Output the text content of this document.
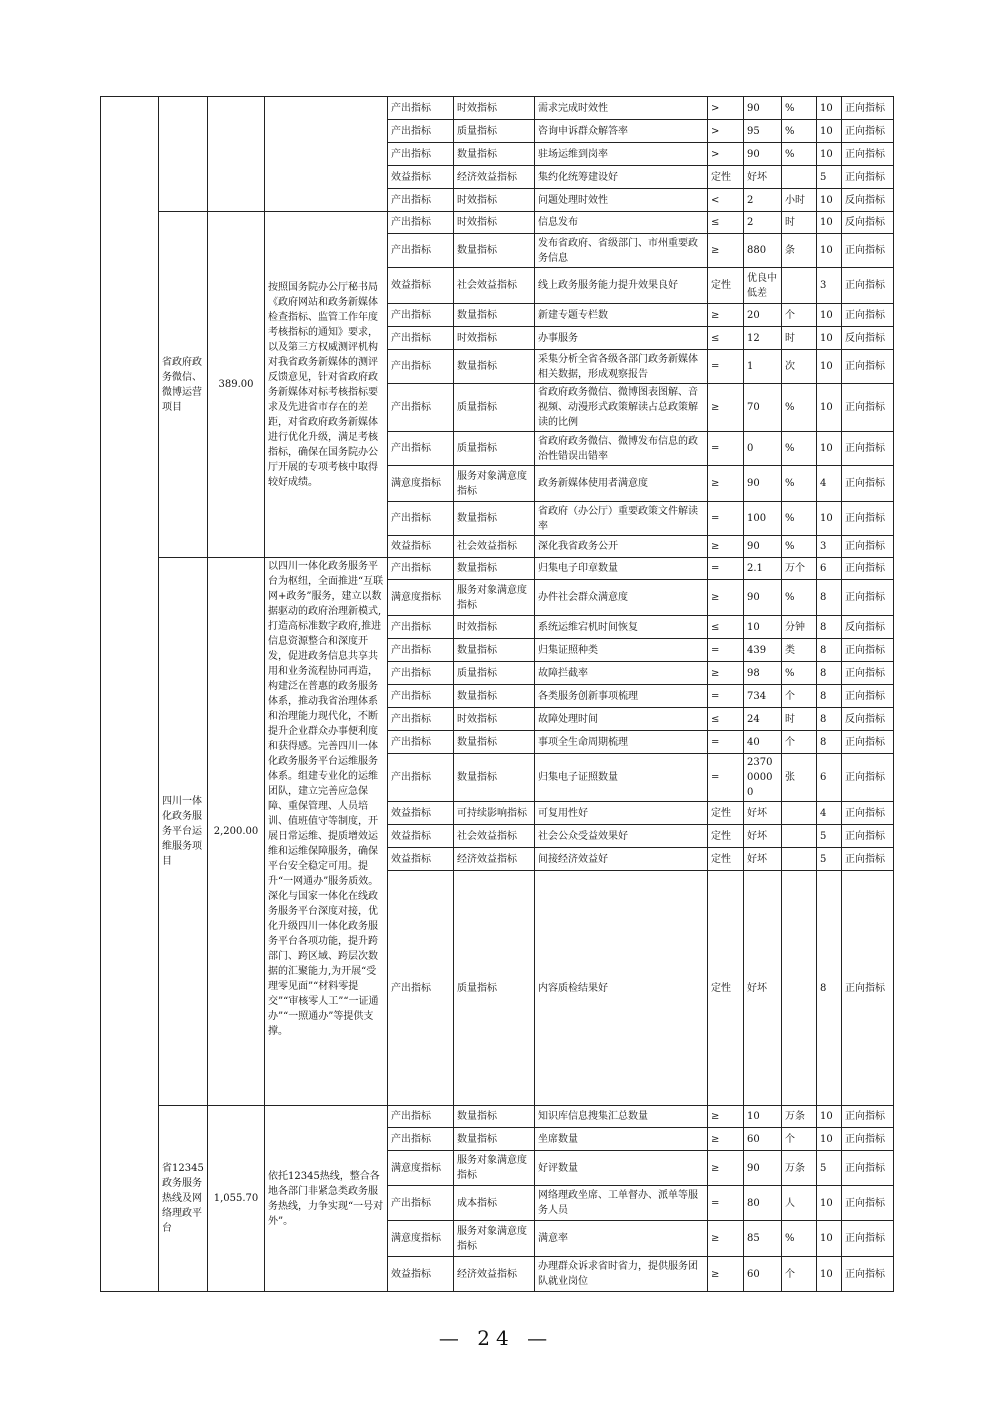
				产出指标	时效指标	需求完成时效性	>	90	%	10	正向指标
				产出指标	质量指标	咨询申诉群众解答率	>	95	%	10	正向指标
				产出指标	数量指标	驻场运维到岗率	>	90	%	10	正向指标
				效益指标	经济效益指标	集约化统筹建设好	定性	好坏		5	正向指标
				产出指标	时效指标	问题处理时效性	<	2	小时	10	反向指标
	省政府政务微信、微博运营项目	389.00	按照国务院办公厅秘书局《政府网站和政务新媒体检查指标、监管工作年度考核指标的通知》要求，以及第三方权威测评机构对我省政务新媒体的测评反馈意见，针对省政府政务新媒体对标考核指标要求及先进省市存在的差距，对省政府政务新媒体进行优化升级，满足考核指标，确保在国务院办公厅开展的专项考核中取得较好成绩。	产出指标	时效指标	信息发布	≤	2	时	10	反向指标
				产出指标	数量指标	发布省政府、省级部门、市州重要政务信息	≥	880	条	10	正向指标
				效益指标	社会效益指标	线上政务服务能力提升效果良好	定性	优良中低差		3	正向指标
				产出指标	数量指标	新建专题专栏数	≥	20	个	10	正向指标
				产出指标	时效指标	办事服务	≤	12	时	10	反向指标
				产出指标	数量指标	采集分析全省各级各部门政务新媒体相关数据，形成观察报告	=	1	次	10	正向指标
				产出指标	质量指标	省政府政务微信、微博图表图解、音视频、动漫形式政策解读占总政策解读的比例	≥	70	%	10	正向指标
				产出指标	质量指标	省政府政务微信、微博发布信息的政治性错误出错率	=	0	%	10	正向指标
				满意度指标	服务对象满意度指标	政务新媒体使用者满意度	≥	90	%	4	正向指标
				产出指标	数量指标	省政府（办公厅）重要政策文件解读率	=	100	%	10	正向指标
				效益指标	社会效益指标	深化我省政务公开	≥	90	%	3	正向指标
	四川一体化政务服务平台运维服务项目	2,200.00	以四川一体化政务服务平台为枢纽，全面推进“互联网+政务”服务，建立以数据驱动的政府治理新模式,打造高标准数字政府,推进信息资源整合和深度开发，促进政务信息共享共用和业务流程协同再造，构建泛在普惠的政务服务体系，推动我省治理体系和治理能力现代化，不断提升企业群众办事便利度和获得感。完善四川一体化政务服务平台运维服务体系。组建专业化的运维团队，建立完善应急保障、重保管理、人员培训、值班值守等制度，开展日常运维、提质增效运维和运维保障服务，确保平台安全稳定可用。提升“一网通办”服务质效。深化与国家一体化在线政务服务平台深度对接，优化升级四川一体化政务服务平台各项功能，提升跨部门、跨区域、跨层次数据的汇聚能力,为开展“受理零见面”“材料零提交”“审核零人工”“一证通办”“一照通办”等提供支撑。	产出指标	数量指标	归集电子印章数量	=	2.1	万个	6	正向指标
				满意度指标	服务对象满意度指标	办件社会群众满意度	≥	90	%	8	正向指标
				产出指标	时效指标	系统运维宕机时间恢复	≤	10	分钟	8	反向指标
				产出指标	数量指标	归集证照种类	=	439	类	8	正向指标
				产出指标	质量指标	故障拦截率	≥	98	%	8	正向指标
				产出指标	数量指标	各类服务创新事项梳理	=	734	个	8	正向指标
				产出指标	时效指标	故障处理时间	≤	24	时	8	反向指标
				产出指标	数量指标	事项全生命周期梳理	=	40	个	8	正向指标
				产出指标	数量指标	归集电子证照数量	=	237000000	张	6	正向指标
				效益指标	可持续影响指标	可复用性好	定性	好坏		4	正向指标
				效益指标	社会效益指标	社会公众受益效果好	定性	好坏		5	正向指标
				效益指标	经济效益指标	间接经济效益好	定性	好坏		5	正向指标
				产出指标	质量指标	内容质检结果好	定性	好坏		8	正向指标
	省12345政务服务热线及网络理政平台	1,055.70	依托12345热线，整合各地各部门非紧急类政务服务热线，力争实现“一号对外”。	产出指标	数量指标	知识库信息搜集汇总数量	≥	10	万条	10	正向指标
				产出指标	数量指标	坐席数量	≥	60	个	10	正向指标
				满意度指标	服务对象满意度指标	好评数量	≥	90	万条	5	正向指标
				产出指标	成本指标	网络理政坐席、工单督办、派单等服务人员	=	80	人	10	正向指标
				满意度指标	服务对象满意度指标	满意率	≥	85	%	10	正向指标
				效益指标	经济效益指标	办理群众诉求省时省力，提供服务团队就业岗位	≥	60	个	10	正向指标
— 24 —
